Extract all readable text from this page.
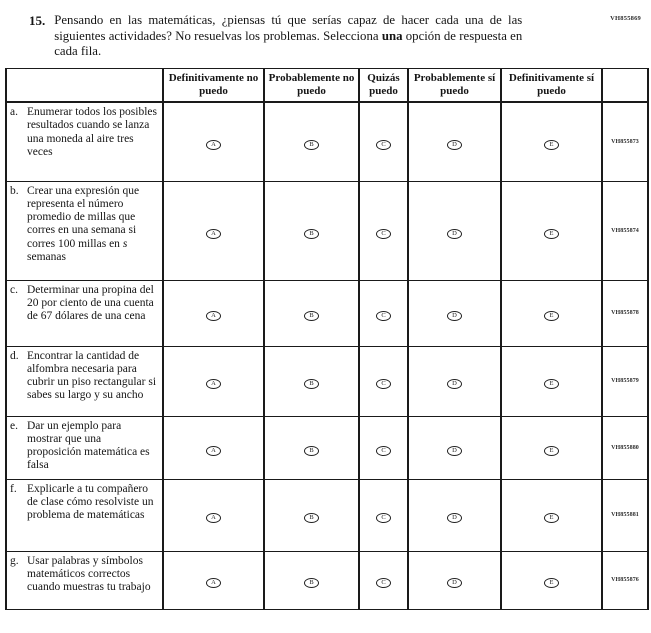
VH855869
15. Pensando en las matemáticas, ¿piensas tú que serías capaz de hacer cada una de las siguientes actividades? No resuelvas los problemas. Selecciona una opción de respuesta en cada fila.

	Definitivamente no puedo	Probablemente no puedo	Quizás puedo	Probablemente sí puedo	Definitivamente sí puedo	

a. Enumerar todos los posibles resultados cuando se lanza una moneda al aire tres veces	A	B	C	D	E	VH855873

b. Crear una expresión que representa el número promedio de millas que corres en una semana si corres 100 millas en s semanas	A	B	C	D	E	VH855874

c. Determinar una propina del 20 por ciento de una cuenta de 67 dólares de una cena	A	B	C	D	E	VH855878

d. Encontrar la cantidad de alfombra necesaria para cubrir un piso rectangular si sabes su largo y su ancho	A	B	C	D	E	VH855879

e. Dar un ejemplo para mostrar que una proposición matemática es falsa	A	B	C	D	E	VH855880

f. Explicarle a tu compañero de clase cómo resolviste un problema de matemáticas	A	B	C	D	E	VH855881

g. Usar palabras y símbolos matemáticos correctos cuando muestras tu trabajo	A	B	C	D	E	VH855876
